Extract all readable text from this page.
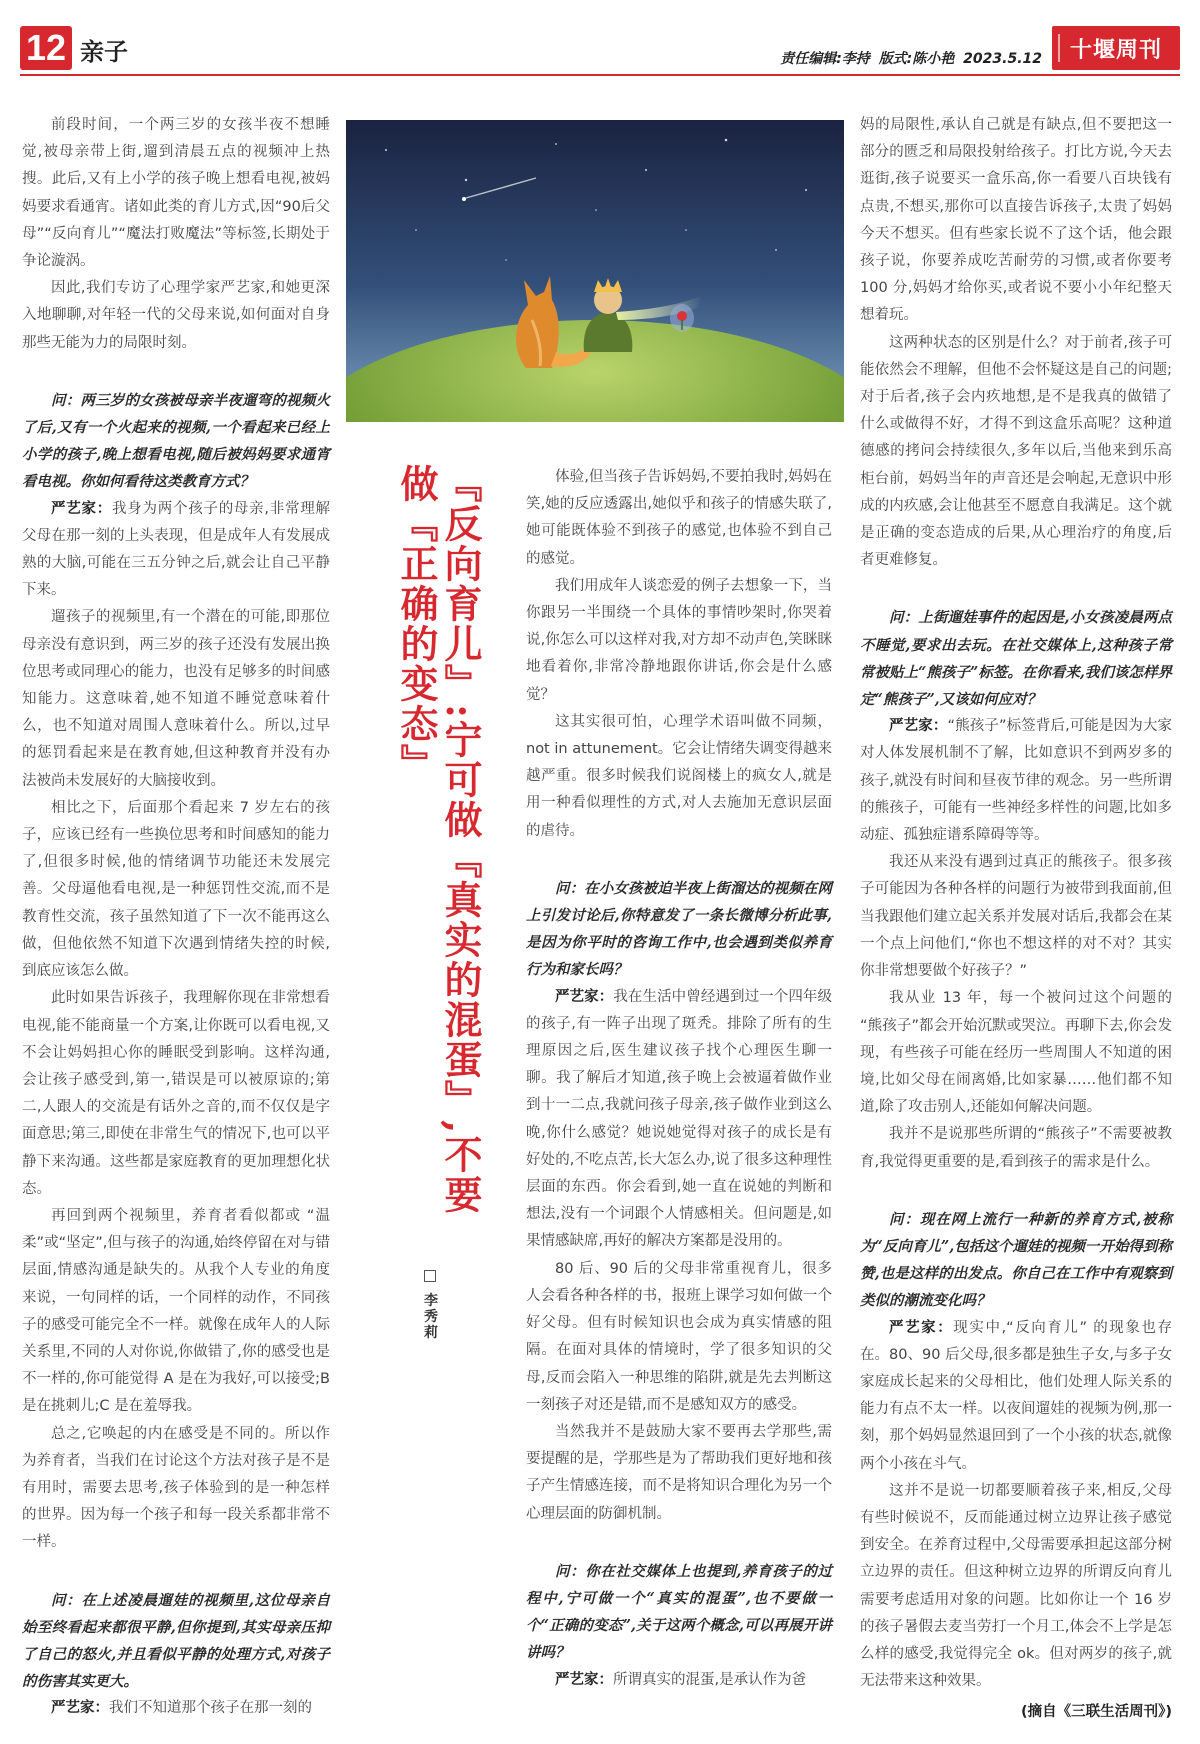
12 亲子	责任编辑:李持 版式:陈小艳 2023.5.12 十堰周刊

前段时间，一个两三岁的女孩半夜不想睡觉,被母亲带上街,遛到清晨五点的视频冲上热搜。此后,又有上小学的孩子晚上想看电视,被妈妈要求看通宵。诸如此类的育儿方式,因“90后父母”“反向育儿”“魔法打败魔法”等标签,长期处于争论漩涡。

因此,我们专访了心理学家严艺家,和她更深入地聊聊,对年轻一代的父母来说,如何面对自身那些无能为力的局限时刻。

问：两三岁的女孩被母亲半夜遛弯的视频火了后,又有一个火起来的视频,一个看起来已经上小学的孩子,晚上想看电视,随后被妈妈要求通宵看电视。你如何看待这类教育方式？

严艺家：我身为两个孩子的母亲,非常理解父母在那一刻的上头表现，但是成年人有发展成熟的大脑,可能在三五分钟之后,就会让自己平静下来。

遛孩子的视频里,有一个潜在的可能,即那位母亲没有意识到，两三岁的孩子还没有发展出换位思考或同理心的能力，也没有足够多的时间感知能力。这意味着,她不知道不睡觉意味着什么，也不知道对周围人意味着什么。所以,过早的惩罚看起来是在教育她,但这种教育并没有办法被尚未发展好的大脑接收到。

相比之下，后面那个看起来 7 岁左右的孩子，应该已经有一些换位思考和时间感知的能力了,但很多时候,他的情绪调节功能还未发展完善。父母逼他看电视,是一种惩罚性交流,而不是教育性交流，孩子虽然知道了下一次不能再这么做，但他依然不知道下次遇到情绪失控的时候,到底应该怎么做。

此时如果告诉孩子，我理解你现在非常想看电视,能不能商量一个方案,让你既可以看电视,又不会让妈妈担心你的睡眠受到影响。这样沟通,会让孩子感受到,第一,错误是可以被原谅的;第二,人跟人的交流是有话外之音的,而不仅仅是字面意思;第三,即使在非常生气的情况下,也可以平静下来沟通。这些都是家庭教育的更加理想化状态。

再回到两个视频里，养育者看似都或 “温柔”或“坚定”,但与孩子的沟通,始终停留在对与错层面,情感沟通是缺失的。从我个人专业的角度来说，一句同样的话，一个同样的动作，不同孩子的感受可能完全不一样。就像在成年人的人际关系里,不同的人对你说,你做错了,你的感受也是不一样的,你可能觉得 A 是在为我好,可以接受;B 是在挑刺儿;C 是在羞辱我。

总之,它唤起的内在感受是不同的。所以作为养育者，当我们在讨论这个方法对孩子是不是有用时，需要去思考,孩子体验到的是一种怎样的世界。因为每一个孩子和每一段关系都非常不一样。

问：在上述凌晨遛娃的视频里,这位母亲自始至终看起来都很平静,但你提到,其实母亲压抑了自己的怒火,并且看似平静的处理方式,对孩子的伤害其实更大。

严艺家：我们不知道那个孩子在那一刻的

『反向育儿』:宁可做『真实的混蛋』,不要做『正确的变态』
李秀莉

体验,但当孩子告诉妈妈,不要拍我时,妈妈在笑,她的反应透露出,她似乎和孩子的情感失联了,她可能既体验不到孩子的感觉,也体验不到自己的感觉。

我们用成年人谈恋爱的例子去想象一下，当你跟另一半围绕一个具体的事情吵架时,你哭着说,你怎么可以这样对我,对方却不动声色,笑眯眯地看着你,非常冷静地跟你讲话,你会是什么感觉？

这其实很可怕，心理学术语叫做不同频，not in attunement。它会让情绪失调变得越来越严重。很多时候我们说阁楼上的疯女人,就是用一种看似理性的方式,对人去施加无意识层面的虐待。

问：在小女孩被迫半夜上街溜达的视频在网上引发讨论后,你特意发了一条长微博分析此事,是因为你平时的咨询工作中,也会遇到类似养育行为和家长吗？

严艺家：我在生活中曾经遇到过一个四年级的孩子,有一阵子出现了斑秃。排除了所有的生理原因之后,医生建议孩子找个心理医生聊一聊。我了解后才知道,孩子晚上会被逼着做作业到十一二点,我就问孩子母亲,孩子做作业到这么晚,你什么感觉？她说她觉得对孩子的成长是有好处的,不吃点苦,长大怎么办,说了很多这种理性层面的东西。你会看到,她一直在说她的判断和想法,没有一个词跟个人情感相关。但问题是,如果情感缺席,再好的解决方案都是没用的。

80 后、90 后的父母非常重视育儿，很多人会看各种各样的书，报班上课学习如何做一个好父母。但有时候知识也会成为真实情感的阻隔。在面对具体的情境时，学了很多知识的父母,反而会陷入一种思维的陷阱,就是先去判断这一刻孩子对还是错,而不是感知双方的感受。

当然我并不是鼓励大家不要再去学那些,需要提醒的是，学那些是为了帮助我们更好地和孩子产生情感连接，而不是将知识合理化为另一个心理层面的防御机制。

问：你在社交媒体上也提到,养育孩子的过程中,宁可做一个“真实的混蛋”,也不要做一个“正确的变态”,关于这两个概念,可以再展开讲讲吗？

严艺家：所谓真实的混蛋,是承认作为爸

妈的局限性,承认自己就是有缺点,但不要把这一部分的匮乏和局限投射给孩子。打比方说,今天去逛街,孩子说要买一盒乐高,你一看要八百块钱有点贵,不想买,那你可以直接告诉孩子,太贵了妈妈今天不想买。但有些家长说不了这个话，他会跟孩子说，你要养成吃苦耐劳的习惯,或者你要考 100 分,妈妈才给你买,或者说不要小小年纪整天想着玩。

这两种状态的区别是什么？对于前者,孩子可能依然会不理解，但他不会怀疑这是自己的问题;对于后者,孩子会内疚地想,是不是我真的做错了什么或做得不好，才得不到这盒乐高呢？这种道德感的拷问会持续很久,多年以后,当他来到乐高柜台前，妈妈当年的声音还是会响起,无意识中形成的内疚感,会让他甚至不愿意自我满足。这个就是正确的变态造成的后果,从心理治疗的角度,后者更难修复。

问：上街遛娃事件的起因是,小女孩凌晨两点不睡觉,要求出去玩。在社交媒体上,这种孩子常常被贴上“熊孩子”标签。在你看来,我们该怎样界定“熊孩子”,又该如何应对？

严艺家：“熊孩子”标签背后,可能是因为大家对人体发展机制不了解，比如意识不到两岁多的孩子,就没有时间和昼夜节律的观念。另一些所谓的熊孩子，可能有一些神经多样性的问题,比如多动症、孤独症谱系障碍等等。

我还从来没有遇到过真正的熊孩子。很多孩子可能因为各种各样的问题行为被带到我面前,但当我跟他们建立起关系并发展对话后,我都会在某一个点上问他们,“你也不想这样的对不对？其实你非常想要做个好孩子？”

我从业 13 年，每一个被问过这个问题的 “熊孩子”都会开始沉默或哭泣。再聊下去,你会发现，有些孩子可能在经历一些周围人不知道的困境,比如父母在闹离婚,比如家暴……他们都不知道,除了攻击别人,还能如何解决问题。

我并不是说那些所谓的“熊孩子”不需要被教育,我觉得更重要的是,看到孩子的需求是什么。

问：现在网上流行一种新的养育方式,被称为“反向育儿”,包括这个遛娃的视频一开始得到称赞,也是这样的出发点。你自己在工作中有观察到类似的潮流变化吗？

严艺家：现实中,“反向育儿” 的现象也存在。80、90 后父母,很多都是独生子女,与多子女家庭成长起来的父母相比，他们处理人际关系的能力有点不太一样。以夜间遛娃的视频为例,那一刻，那个妈妈显然退回到了一个小孩的状态,就像两个小孩在斗气。

这并不是说一切都要顺着孩子来,相反,父母有些时候说不，反而能通过树立边界让孩子感觉到安全。在养育过程中,父母需要承担起这部分树立边界的责任。但这种树立边界的所谓反向育儿需要考虑适用对象的问题。比如你让一个 16 岁的孩子暑假去麦当劳打一个月工,体会不上学是怎么样的感受,我觉得完全 ok。但对两岁的孩子,就无法带来这种效果。

(摘自《三联生活周刊》)
